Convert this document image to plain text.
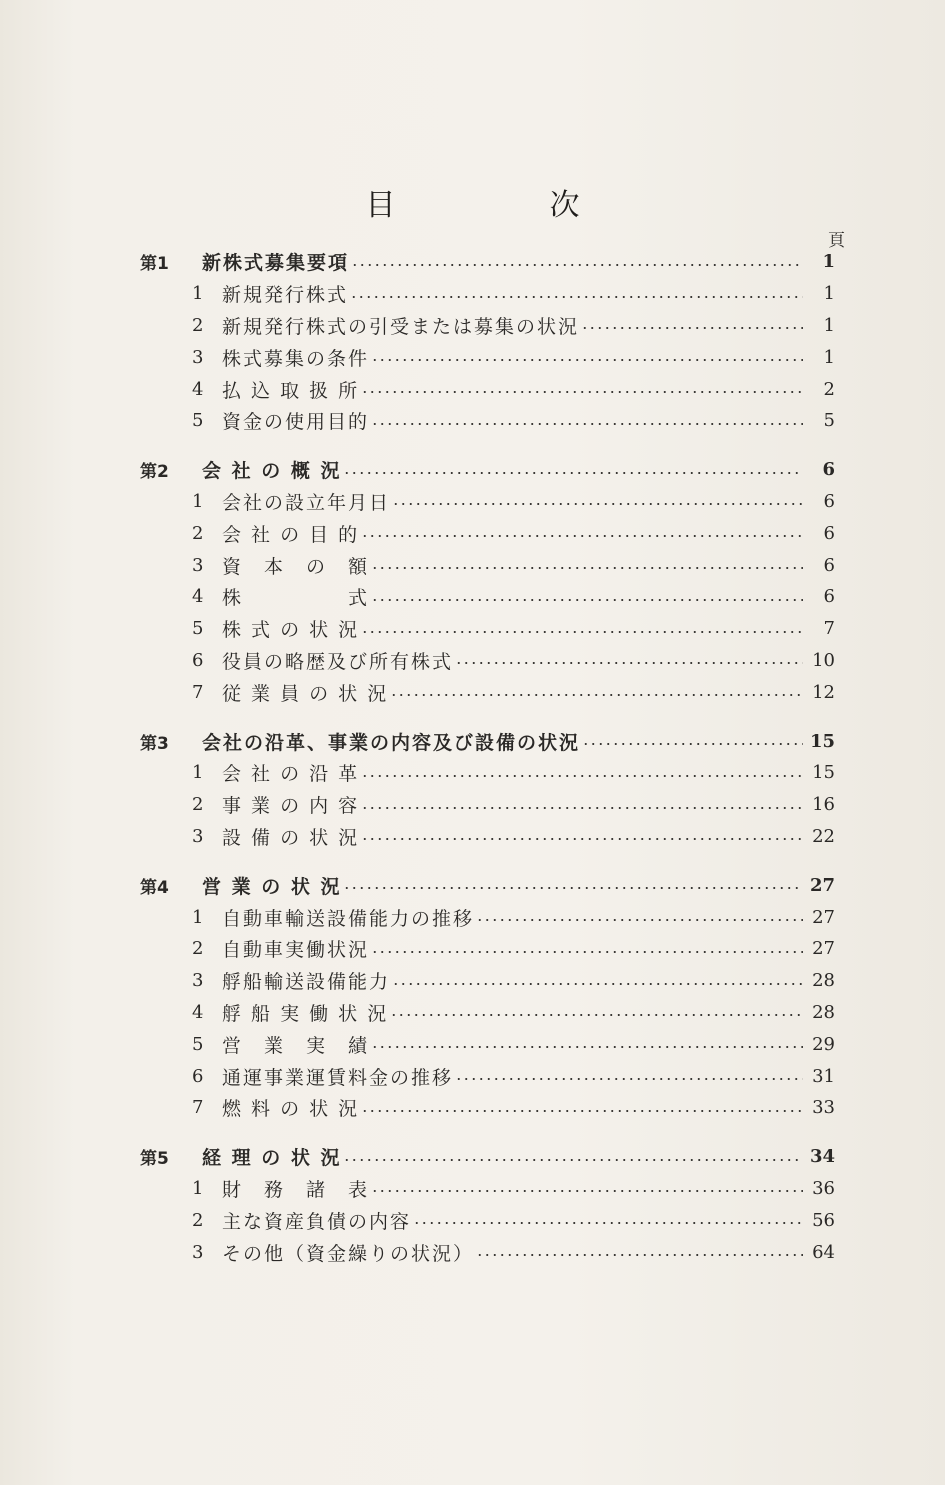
目　次
頁
第1	新株式募集要項	1
1 新規発行株式	1
2 新規発行株式の引受または募集の状況	1
3 株式募集の条件	1
4 払 込 取 扱 所	2
5 資金の使用目的	5
第2	会 社 の 概 況	6
1 会社の設立年月日	6
2 会 社 の 目 的	6
3 資　本　の　額	6
4 株　　　　　式	6
5 株 式 の 状 況	7
6 役員の略歴及び所有株式	10
7 従 業 員 の 状 況	12
第3	会社の沿革、事業の内容及び設備の状況	15
1 会 社 の 沿 革	15
2 事 業 の 内 容	16
3 設 備 の 状 況	22
第4	営 業 の 状 況	27
1 自動車輸送設備能力の推移	27
2 自動車実働状況	27
3 艀船輸送設備能力	28
4 艀 船 実 働 状 況	28
5 営　業　実　績	29
6 通運事業運賃料金の推移	31
7 燃 料 の 状 況	33
第5	経 理 の 状 況	34
1 財　務　諸　表	36
2 主な資産負債の内容	56
3 その他（資金繰りの状況）	64
